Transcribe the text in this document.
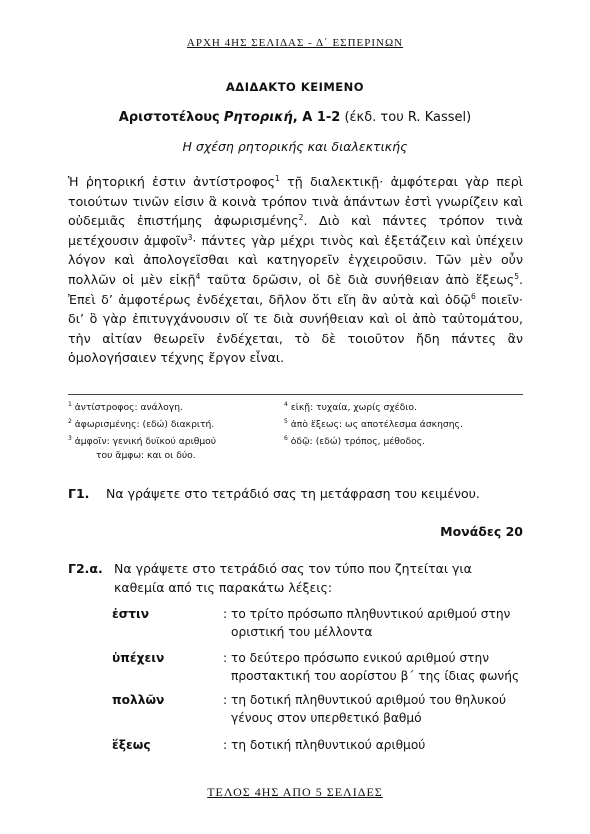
ΑΡΧΗ 4ΗΣ ΣΕΛΙΔΑΣ - Δ΄ ΕΣΠΕΡΙΝΩΝ
ΑΔΙΔΑΚΤΟ ΚΕΙΜΕΝΟ
Αριστοτέλους Ρητορική, Α 1-2 (έκδ. του R. Kassel)
Η σχέση ρητορικής και διαλεκτικής
Ἡ ῥητορική ἐστιν ἀντίστροφος$^1$ τῇ διαλεκτικῇ· ἀμφότεραι γὰρ περὶ τοιούτων τινῶν εἰσιν ἃ κοινὰ τρόπον τινὰ ἁπάντων ἐστὶ γνωρίζειν καὶ οὐδεμιᾶς ἐπιστήμης ἀφωρισμένης$^2$. Διὸ καὶ πάντες τρόπον τινὰ μετέχουσιν ἀμφοῖν$^3$· πάντες γὰρ μέχρι τινὸς καὶ ἐξετάζειν καὶ ὑπέχειν λόγον καὶ ἀπολογεῖσθαι καὶ κατηγορεῖν ἐγχειροῦσιν. Τῶν μὲν οὖν πολλῶν οἱ μὲν εἰκῇ$^4$ ταῦτα δρῶσιν, οἱ δὲ διὰ συνήθειαν ἀπὸ ἕξεως$^5$. Ἐπεὶ δ’ ἀμφοτέρως ἐνδέχεται, δῆλον ὅτι εἴη ἂν αὐτὰ καὶ ὁδῷ$^6$ ποιεῖν· δι’ ὃ γὰρ ἐπιτυγχάνουσιν οἵ τε διὰ συνήθειαν καὶ οἱ ἀπὸ ταὐτομάτου, τὴν αἰτίαν θεωρεῖν ἐνδέχεται, τὸ δὲ τοιοῦτον ἤδη πάντες ἂν ὁμολογήσαιεν τέχνης ἔργον εἶναι.
$^1$ ἀντίστροφος: ανάλογη.
$^2$ ἀφωρισμένης: (εδώ) διακριτή.
$^3$ ἀμφοῖν: γενική δυϊκού αριθμού
του ἄμφω: και οι δύο.
$^4$ εἰκῇ: τυχαία, χωρίς σχέδιο.
$^5$ ἀπὸ ἕξεως: ως αποτέλεσμα άσκησης.
$^6$ ὁδῷ: (εδώ) τρόπος, μέθοδος.
Γ1. Να γράψετε στο τετράδιό σας τη μετάφραση του κειμένου.
Μονάδες 20
Γ2.α. Να γράψετε στο τετράδιό σας τον τύπο που ζητείται για καθεμία από τις παρακάτω λέξεις:
ἐστιν	: το τρίτο πρόσωπο πληθυντικού αριθμού στην οριστική του μέλλοντα
ὑπέχειν	: το δεύτερο πρόσωπο ενικού αριθμού στην προστακτική του αορίστου β΄ της ίδιας φωνής
πολλῶν	: τη δοτική πληθυντικού αριθμού του θηλυκού γένους στον υπερθετικό βαθμό
ἕξεως	: τη δοτική πληθυντικού αριθμού
ΤΕΛΟΣ 4ΗΣ ΑΠΟ 5 ΣΕΛΙΔΕΣ
